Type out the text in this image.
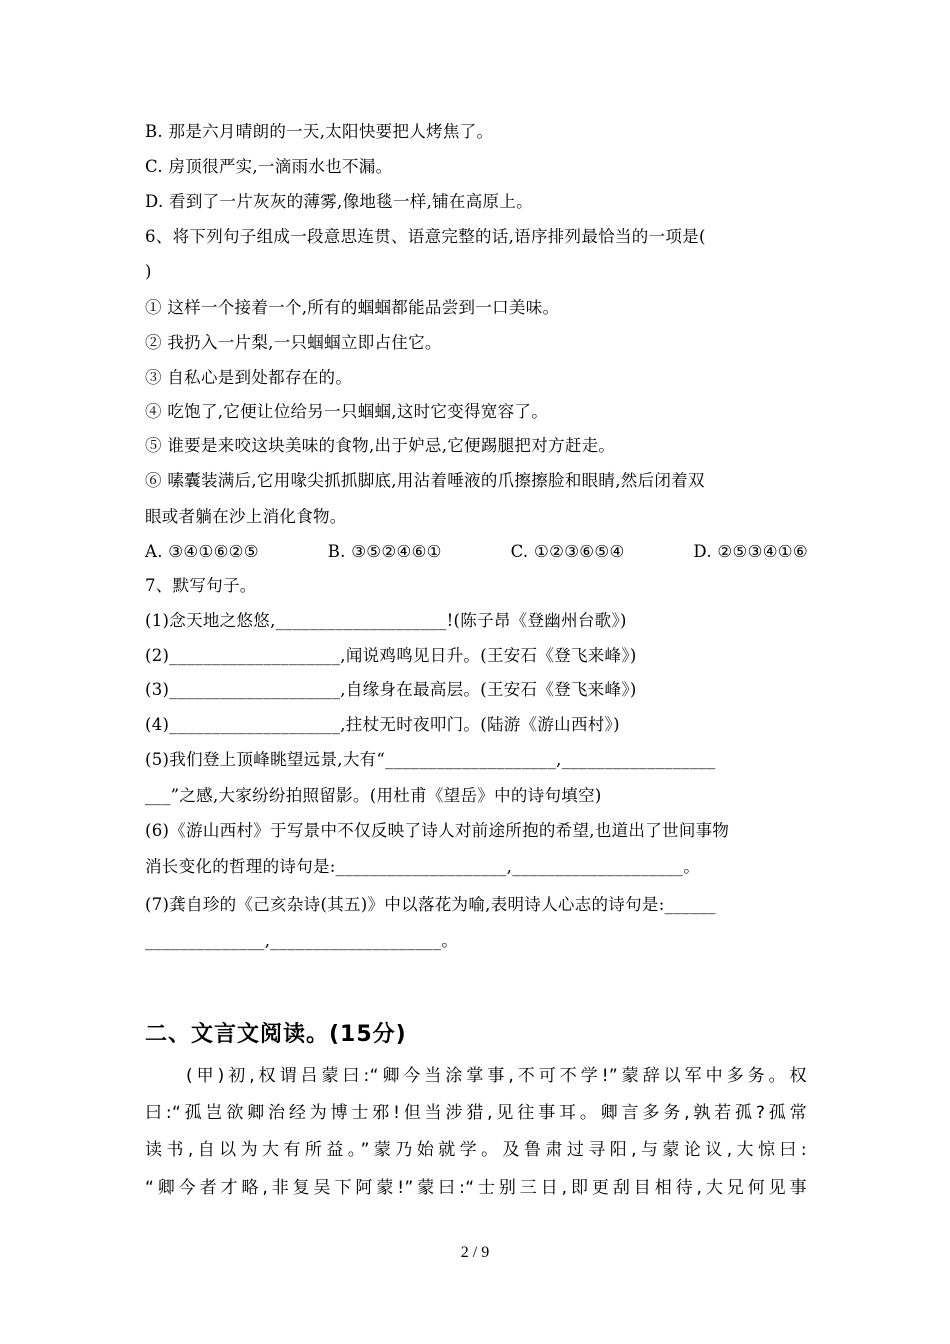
B. 那是六月晴朗的一天,太阳快要把人烤焦了。
C. 房顶很严实,一滴雨水也不漏。
D. 看到了一片灰灰的薄雾,像地毯一样,铺在高原上。
6、将下列句子组成一段意思连贯、语意完整的话,语序排列最恰当的一项是(
)
① 这样一个接着一个,所有的蝈蝈都能品尝到一口美味。
② 我扔入一片梨,一只蝈蝈立即占住它。
③ 自私心是到处都存在的。
④ 吃饱了,它便让位给另一只蝈蝈,这时它变得宽容了。
⑤ 谁要是来咬这块美味的食物,出于妒忌,它便踢腿把对方赶走。
⑥ 嗉囊装满后,它用喙尖抓抓脚底,用沾着唾液的爪擦擦脸和眼睛,然后闭着双
眼或者躺在沙上消化食物。
A. ③④①⑥②⑤	B. ③⑤②④⑥①	C. ①②③⑥⑤④	D. ②⑤③④①⑥
7、默写句子。
(1)念天地之悠悠,____________________!(陈子昂《登幽州台歌》)
(2)____________________,闻说鸡鸣见日升。(王安石《登飞来峰》)
(3)____________________,自缘身在最高层。(王安石《登飞来峰》)
(4)____________________,拄杖无时夜叩门。(陆游《游山西村》)
(5)我们登上顶峰眺望远景,大有“____________________,__________________
___”之感,大家纷纷拍照留影。(用杜甫《望岳》中的诗句填空)
(6)《游山西村》于写景中不仅反映了诗人对前途所抱的希望,也道出了世间事物
消长变化的哲理的诗句是:____________________,____________________。
(7)龚自珍的《己亥杂诗(其五)》中以落花为喻,表明诗人心志的诗句是:______
______________,____________________。
二、文言文阅读。(15分)
(甲)初,权谓吕蒙曰:“卿今当涂掌事,不可不学!”蒙辞以军中多务。权
曰:“孤岂欲卿治经为博士邪!但当涉猎,见往事耳。卿言多务,孰若孤?孤常
读书,自以为大有所益。”蒙乃始就学。及鲁肃过寻阳,与蒙论议,大惊曰:
“卿今者才略,非复吴下阿蒙!”蒙曰:“士别三日,即更刮目相待,大兄何见事
2 / 9
